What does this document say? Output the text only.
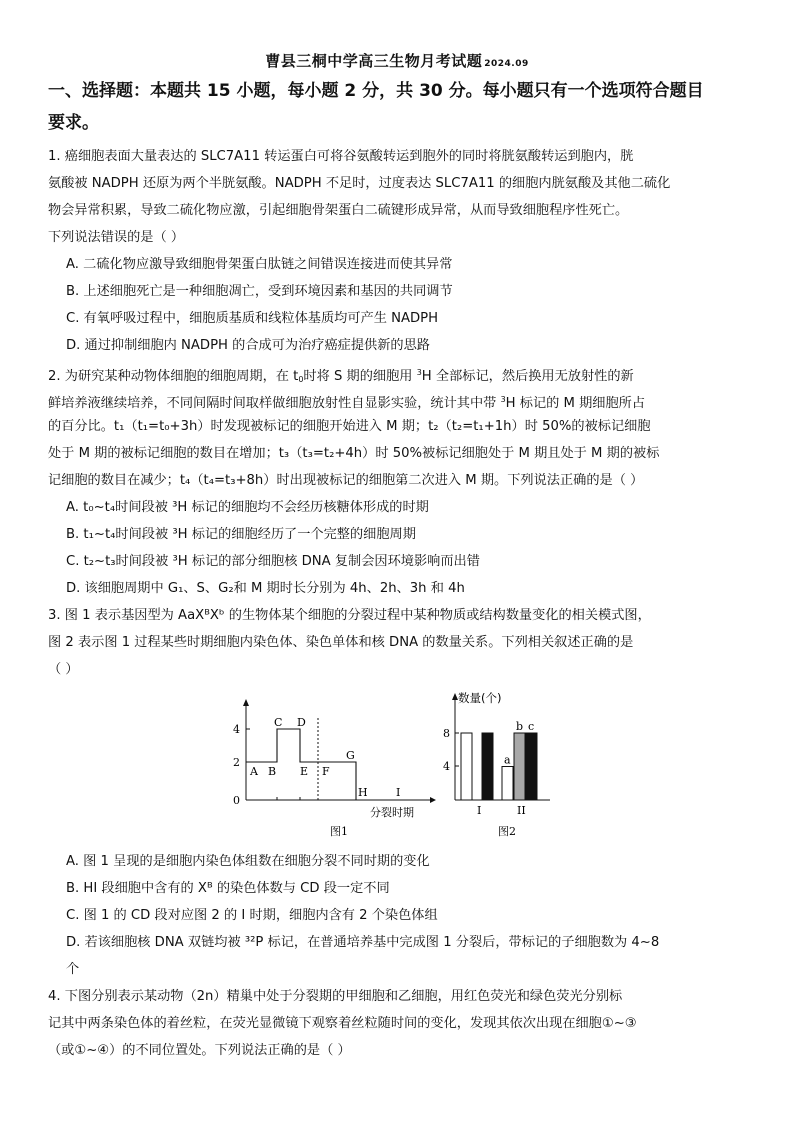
曹县三桐中学高三生物月考试题 2024.09
一、选择题：本题共 15 小题，每小题 2 分，共 30 分。每小题只有一个选项符合题目
要求。
1. 癌细胞表面大量表达的 SLC7A11 转运蛋白可将谷氨酸转运到胞外的同时将胱氨酸转运到胞内，胱
氨酸被 NADPH 还原为两个半胱氨酸。NADPH 不足时，过度表达 SLC7A11 的细胞内胱氨酸及其他二硫化
物会异常积累，导致二硫化物应激，引起细胞骨架蛋白二硫键形成异常，从而导致细胞程序性死亡。
下列说法错误的是（ ）
A. 二硫化物应激导致细胞骨架蛋白肽链之间错误连接进而使其异常
B. 上述细胞死亡是一种细胞凋亡，受到环境因素和基因的共同调节
C. 有氧呼吸过程中，细胞质基质和线粒体基质均可产生 NADPH
D. 通过抑制细胞内 NADPH 的合成可为治疗癌症提供新的思路
2. 为研究某种动物体细胞的细胞周期，在 $t_0$时将 S 期的细胞用 $^3$H 全部标记，然后换用无放射性的新
鲜培养液继续培养，不同间隔时间取样做细胞放射性自显影实验，统计其中带 $^3$H 标记的 M 期细胞所占
的百分比。t₁（t₁=t₀+3h）时发现被标记的细胞开始进入 M 期；t₂（t₂=t₁+1h）时 50%的被标记细胞
处于 M 期的被标记细胞的数目在增加；t₃（t₃=t₂+4h）时 50%被标记细胞处于 M 期且处于 M 期的被标
记细胞的数目在减少；t₄（t₄=t₃+8h）时出现被标记的细胞第二次进入 M 期。下列说法正确的是（ ）
A. t₀~t₄时间段被 ³H 标记的细胞均不会经历核糖体形成的时期
B. t₁~t₄时间段被 ³H 标记的细胞经历了一个完整的细胞周期
C. t₂~t₃时间段被 ³H 标记的部分细胞核 DNA 复制会因环境影响而出错
D. 该细胞周期中 G₁、S、G₂和 M 期时长分别为 4h、2h、3h 和 4h
3. 图 1 表示基因型为 AaXᴮXᵇ 的生物体某个细胞的分裂过程中某种物质或结构数量变化的相关模式图，
图 2 表示图 1 过程某些时期细胞内染色体、染色单体和核 DNA 的数量关系。下列相关叙述正确的是
（ ）
0
2
4
A B
C D
E F
G
H	I
分裂时期
图1
8
4
数量(个)
a
b c
I	II
图2
A. 图 1 呈现的是细胞内染色体组数在细胞分裂不同时期的变化
B. HI 段细胞中含有的 Xᴮ 的染色体数与 CD 段一定不同
C. 图 1 的 CD 段对应图 2 的 I 时期，细胞内含有 2 个染色体组
D. 若该细胞核 DNA 双链均被 ³²P 标记，在普通培养基中完成图 1 分裂后，带标记的子细胞数为 4~8
个
4. 下图分别表示某动物（2n）精巢中处于分裂期的甲细胞和乙细胞，用红色荧光和绿色荧光分别标
记其中两条染色体的着丝粒，在荧光显微镜下观察着丝粒随时间的变化，发现其依次出现在细胞①~③
（或①~④）的不同位置处。下列说法正确的是（ ）
